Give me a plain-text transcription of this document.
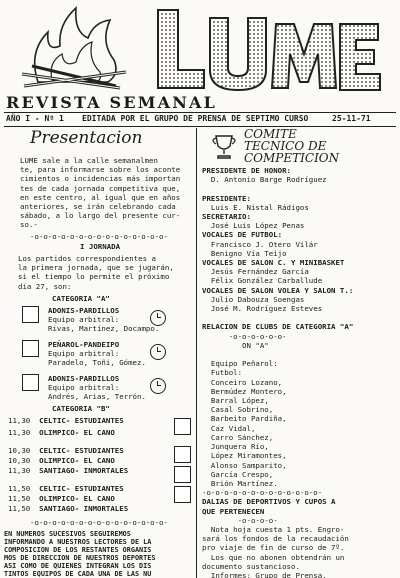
REVISTA SEMANAL
AÑO I - Nº 1 EDITADA POR EL GRUPO DE PRENSA DE SEPTIMO CURSO	25-11-71
Presentacion
LUME sale a la calle semanalmen
te, para informarse sobre los aconte
cimientos o incidencias más importan
tes de cada jornada competitiva que,
en este centro, al igual que en años
anteriores, se irán celebrando cada
sábado, a lo largo del presente cur-
so.-
-o-o-o-o-o-o-o-o-o-o-o-o-o-o-o-
I JORNADA
Los partidos correspondientes a
la primera jornada, que se jugarán,
si el tiempo lo permite el próximo
día 27, son:
CATEGORIA "A"
ADONIS-PARDILLOS
Equipo arbitral:
Rivas, Martínez, Docampo.
PEÑAROL-PANDEIPO
Equipo arbitral:
Paradelo, Toñi, Gómez.
ADONIS-PARDILLOS
Equipo arbitral:
Andrés, Arias, Terrón.
CATEGORIA "B"
11,30 CELTIC- ESTUDIANTES
11,30 OLIMPICO- EL CANO
10,30 CELTIC- ESTUDIANTES
10,30 OLIMPICO- EL CANO
11,30 SANTIAGO- INMORTALES
11,50 CELTIC- ESTUDIANTES
11,50 OLIMPICO- EL CANO
11,50 SANTIAGO- INMORTALES
-o-o-o-o-o-o-o-o-o-o-o-o-o-o-o-
EN NUMEROS SUCESIVOS SEGUIREMOS
INFORMANDO A NUESTROS LECTORES DE LA
COMPOSICION DE LOS RESTANTES ORGANIS
MOS DE DIRECCION DE NUESTROS DEPORTES
ASI COMO DE QUIENES INTEGRAN LOS DIS
TINTOS EQUIPOS DE CADA UNA DE LAS NU
COMITE
TECNICO DE
COMPETICION
PRESIDENTE DE HONOR:
D. Antonio Barge Rodríguez

PRESIDENTE:
Luis E. Nistal Rádigos
SECRETARIO:
José Luis López Penas
VOCALES DE FUTBOL:
Francisco J. Otero Vilár
Benigno Vía Teijo
VOCALES DE SALON C. Y MINIBASKET
Jesús Fernández García
Félix González Carballude
VOCALES DE SALON VOLEA Y SALON T.:
Julio Dabouza Soengas
José M. Rodríguez Esteves

RELACION DE CLUBS DE CATEGORIA "A"
-o-o-o-o-o-o-
ON "A"

Equipo Peñarol:
Futbol:
Conceiro Lozano,
Bermúdez Montero,
Barral López,
Casal Sobrino,
Barbeito Pardiña,
Caz Vidal,
Carro Sánchez,
Junquera Río,
López Miramontes,
Alonso Samparito,
García Crespo,
Brión Martínez.
-o-o-o-o-o-o-o-o-o-o-o-o-o-
DALIAS DE DEPORTIVOS Y CUPOS A
QUE PERTENECEN
-o-o-o-o-
Nota hoja cuesta 1 pts. Engro-
sará los fondos de la recaudación
pro viaje de fin de curso de 7º.
Los que no abonen obtendrán un
documento sustancioso.
Informes: Grupo de Prensa.
